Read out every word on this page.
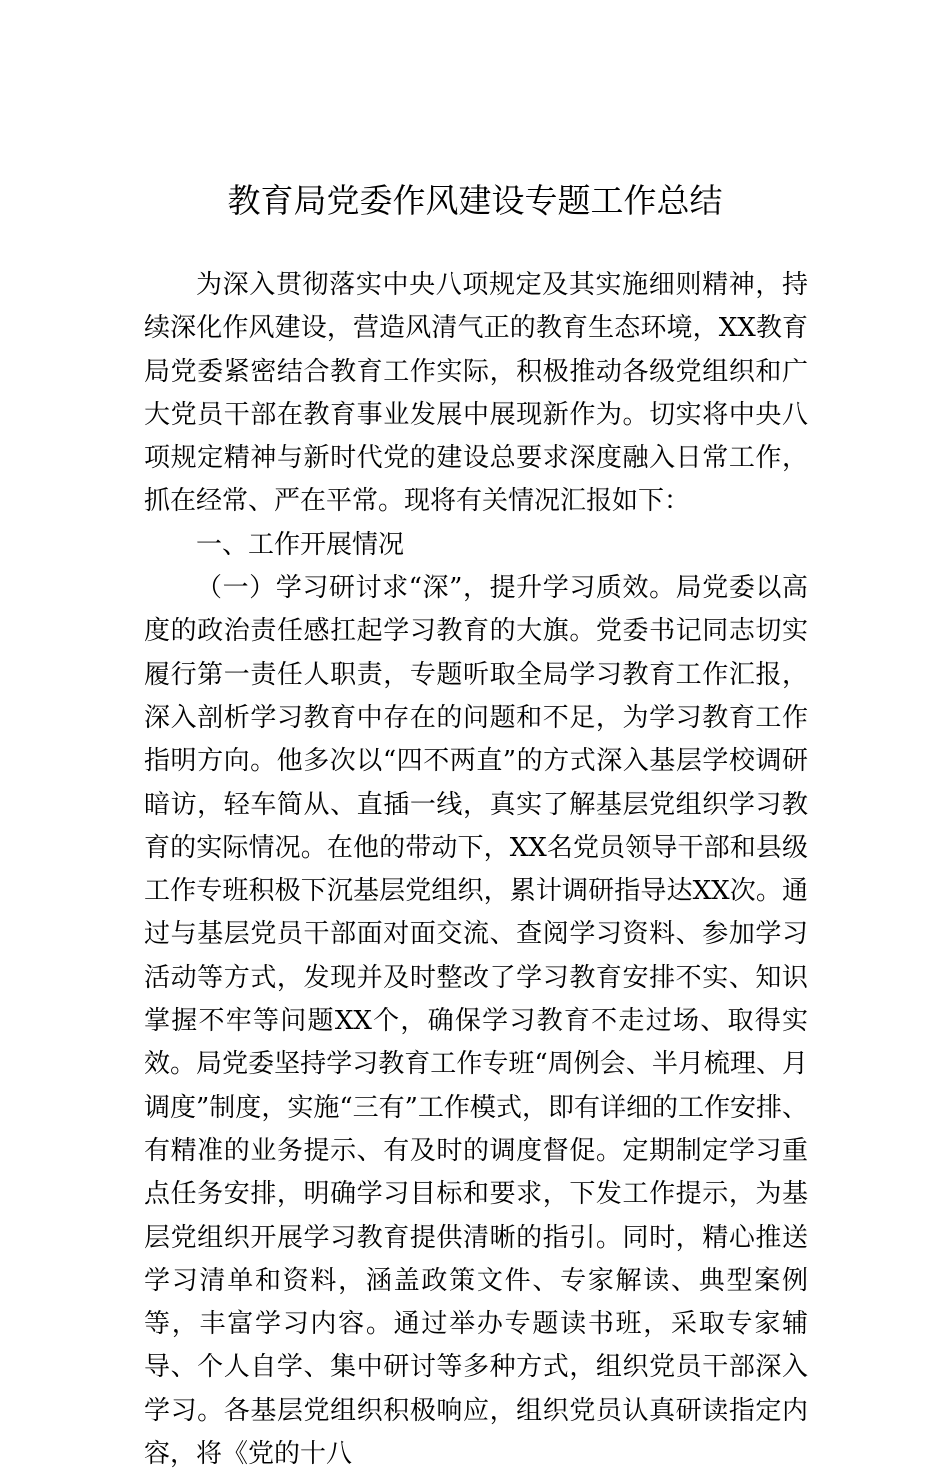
教育局党委作风建设专题工作总结

为深入贯彻落实中央八项规定及其实施细则精神，持续深化作风建设，营造风清气正的教育生态环境，XX教育局党委紧密结合教育工作实际，积极推动各级党组织和广大党员干部在教育事业发展中展现新作为。切实将中央八项规定精神与新时代党的建设总要求深度融入日常工作，抓在经常、严在平常。现将有关情况汇报如下：

一、工作开展情况

（一）学习研讨求“深”，提升学习质效。局党委以高度的政治责任感扛起学习教育的大旗。党委书记同志切实履行第一责任人职责，专题听取全局学习教育工作汇报，深入剖析学习教育中存在的问题和不足，为学习教育工作指明方向。他多次以“四不两直”的方式深入基层学校调研暗访，轻车简从、直插一线，真实了解基层党组织学习教育的实际情况。在他的带动下，XX名党员领导干部和县级工作专班积极下沉基层党组织，累计调研指导达XX次。通过与基层党员干部面对面交流、查阅学习资料、参加学习活动等方式，发现并及时整改了学习教育安排不实、知识掌握不牢等问题XX个，确保学习教育不走过场、取得实效。局党委坚持学习教育工作专班“周例会、半月梳理、月调度”制度，实施“三有”工作模式，即有详细的工作安排、有精准的业务提示、有及时的调度督促。定期制定学习重点任务安排，明确学习目标和要求，下发工作提示，为基层党组织开展学习教育提供清晰的指引。同时，精心推送学习清单和资料，涵盖政策文件、专家解读、典型案例等，丰富学习内容。通过举办专题读书班，采取专家辅导、个人自学、集中研讨等多种方式，组织党员干部深入学习。各基层党组织积极响应，组织党员认真研读指定内容，将《党的十八
